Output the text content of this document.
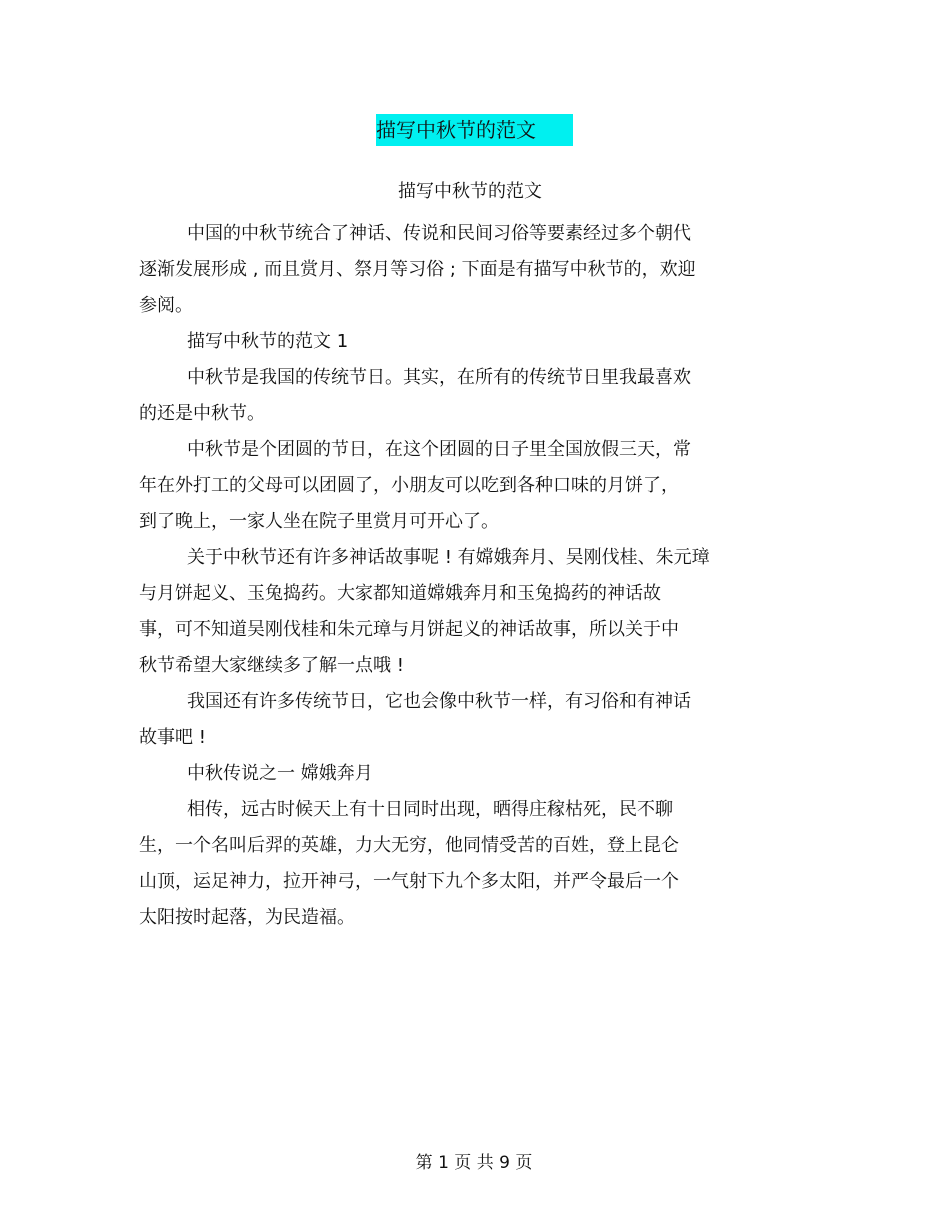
描写中秋节的范文
描写中秋节的范文
中国的中秋节统合了神话、传说和民间习俗等要素经过多个朝代
逐渐发展形成 , 而且赏月、祭月等习俗 ; 下面是有描写中秋节的，欢迎
参阅。
描写中秋节的范文 1
中秋节是我国的传统节日。其实，在所有的传统节日里我最喜欢
的还是中秋节。
中秋节是个团圆的节日，在这个团圆的日子里全国放假三天，常
年在外打工的父母可以团圆了，小朋友可以吃到各种口味的月饼了，
到了晚上，一家人坐在院子里赏月可开心了。
关于中秋节还有许多神话故事呢 ! 有嫦娥奔月、吴刚伐桂、朱元璋
与月饼起义、玉兔捣药。大家都知道嫦娥奔月和玉兔捣药的神话故
事，可不知道吴刚伐桂和朱元璋与月饼起义的神话故事，所以关于中
秋节希望大家继续多了解一点哦 !
我国还有许多传统节日，它也会像中秋节一样，有习俗和有神话
故事吧 !
中秋传说之一 嫦娥奔月
相传，远古时候天上有十日同时出现，晒得庄稼枯死，民不聊
生，一个名叫后羿的英雄，力大无穷，他同情受苦的百姓，登上昆仑
山顶，运足神力，拉开神弓，一气射下九个多太阳，并严令最后一个
太阳按时起落，为民造福。
第 1 页 共 9 页
